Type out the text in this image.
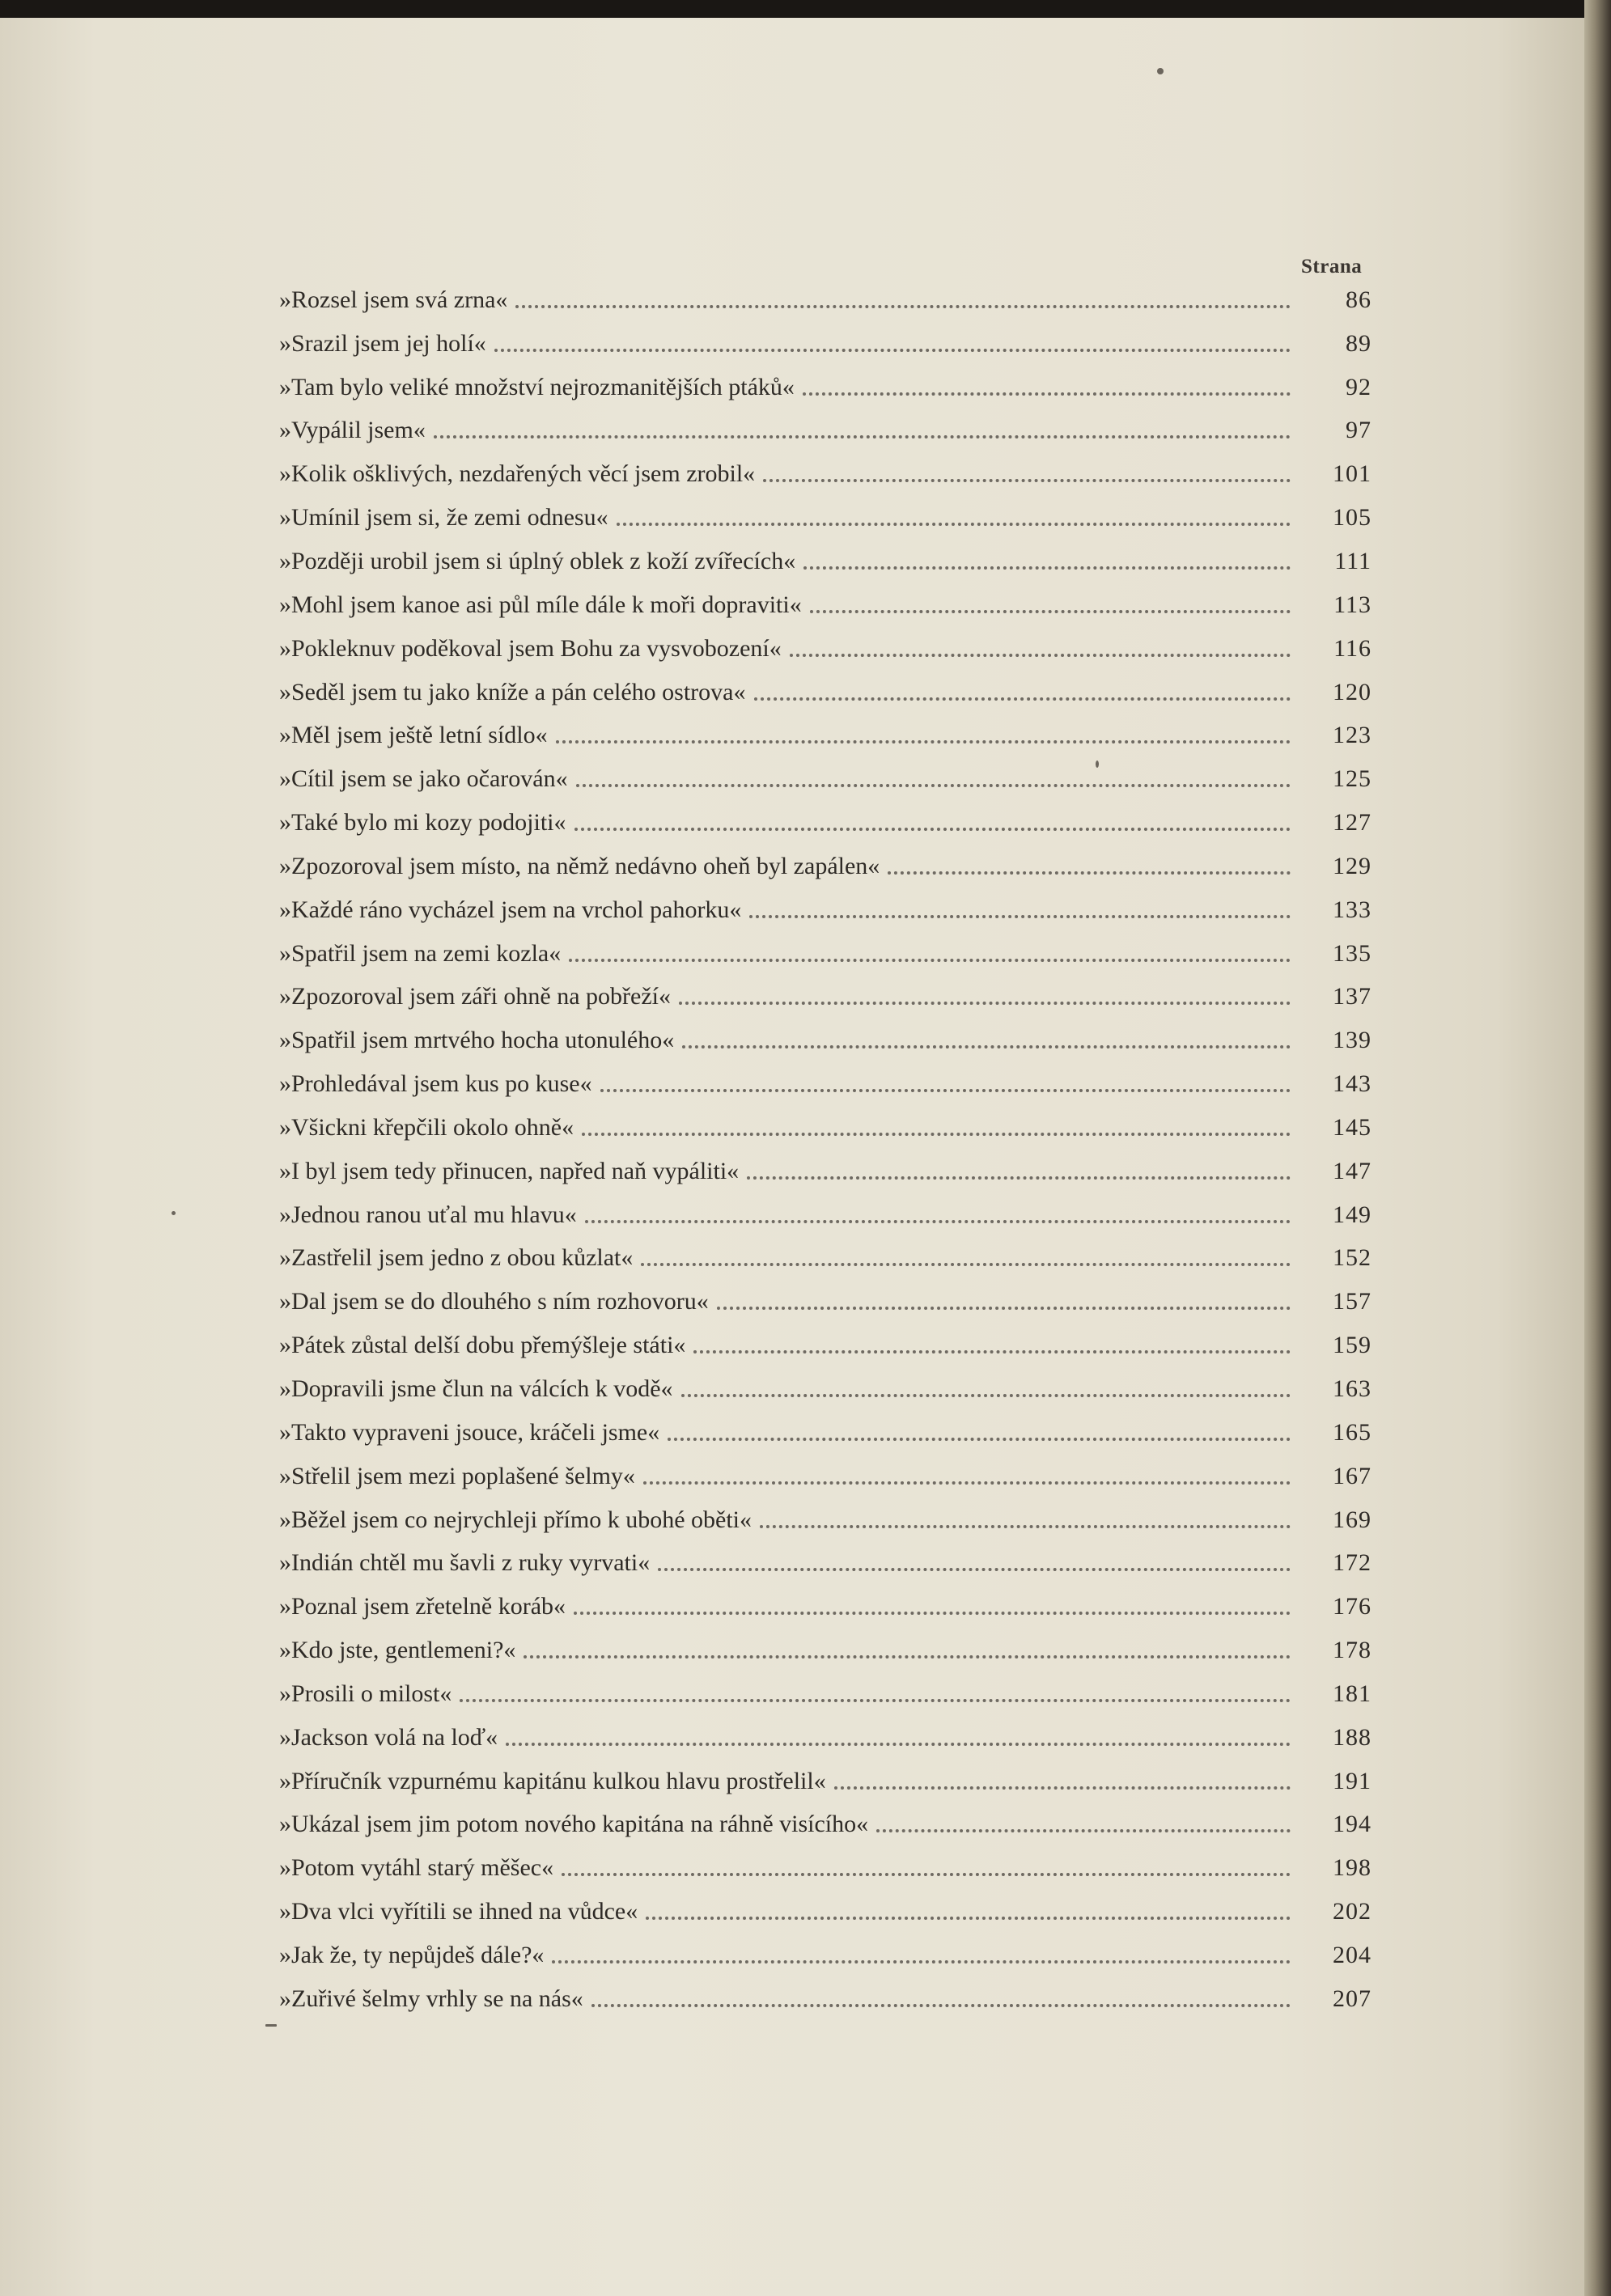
Strana
»Rozsel jsem svá zrna«	86
»Srazil jsem jej holí«	89
»Tam bylo veliké množství nejrozmanitějších ptáků«	92
»Vypálil jsem«	97
»Kolik ošklivých, nezdařených věcí jsem zrobil«	101
»Umínil jsem si, že zemi odnesu«	105
»Později urobil jsem si úplný oblek z koží zvířecích«	111
»Mohl jsem kanoe asi půl míle dále k moři dopraviti«	113
»Pokleknuv poděkoval jsem Bohu za vysvobození«	116
»Seděl jsem tu jako kníže a pán celého ostrova«	120
»Měl jsem ještě letní sídlo«	123
»Cítil jsem se jako očarován«	125
»Také bylo mi kozy podojiti«	127
»Zpozoroval jsem místo, na němž nedávno oheň byl zapálen«	129
»Každé ráno vycházel jsem na vrchol pahorku«	133
»Spatřil jsem na zemi kozla«	135
»Zpozoroval jsem záři ohně na pobřeží«	137
»Spatřil jsem mrtvého hocha utonulého«	139
»Prohledával jsem kus po kuse«	143
»Všickni křepčili okolo ohně«	145
»I byl jsem tedy přinucen, napřed naň vypáliti«	147
»Jednou ranou uťal mu hlavu«	149
»Zastřelil jsem jedno z obou kůzlat«	152
»Dal jsem se do dlouhého s ním rozhovoru«	157
»Pátek zůstal delší dobu přemýšleje státi«	159
»Dopravili jsme člun na válcích k vodě«	163
»Takto vypraveni jsouce, kráčeli jsme«	165
»Střelil jsem mezi poplašené šelmy«	167
»Běžel jsem co nejrychleji přímo k ubohé oběti«	169
»Indián chtěl mu šavli z ruky vyrvati«	172
»Poznal jsem zřetelně koráb«	176
»Kdo jste, gentlemeni?«	178
»Prosili o milost«	181
»Jackson volá na loď«	188
»Příručník vzpurnému kapitánu kulkou hlavu prostřelil«	191
»Ukázal jsem jim potom nového kapitána na ráhně visícího«	194
»Potom vytáhl starý měšec«	198
»Dva vlci vyřítili se ihned na vůdce«	202
»Jak že, ty nepůjdeš dále?«	204
»Zuřivé šelmy vrhly se na nás«	207
